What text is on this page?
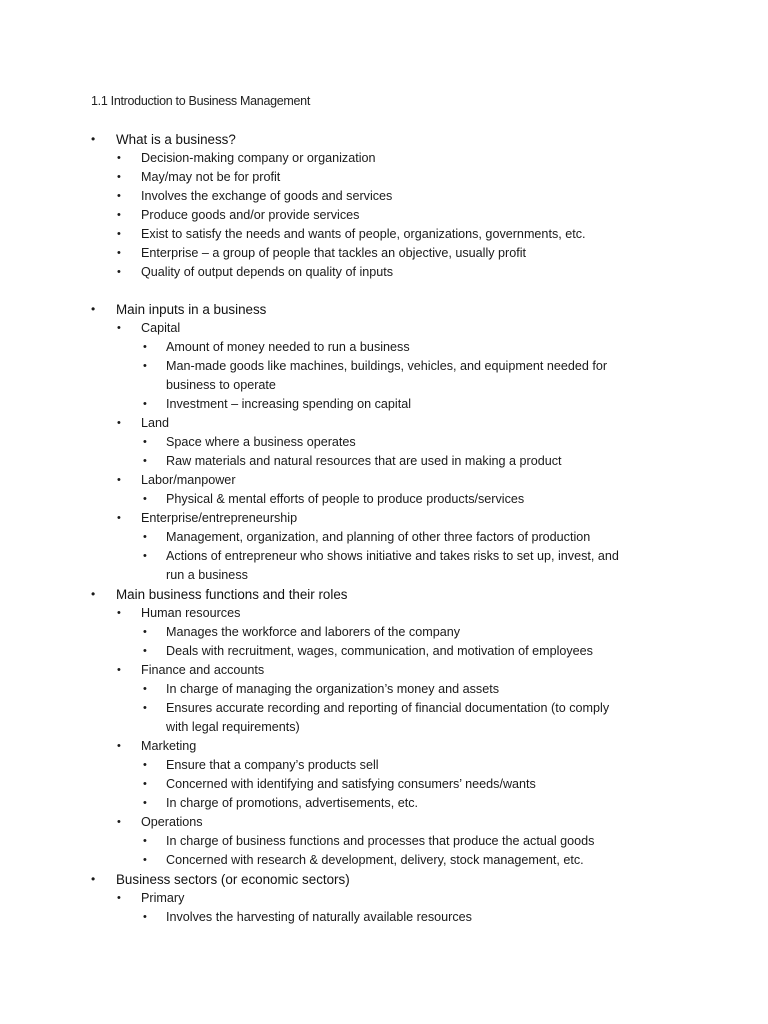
1.1 Introduction to Business Management
• What is a business?
• Decision-making company or organization
• May/may not be for profit
• Involves the exchange of goods and services
• Produce goods and/or provide services
• Exist to satisfy the needs and wants of people, organizations, governments, etc.
• Enterprise – a group of people that tackles an objective, usually profit
• Quality of output depends on quality of inputs
• Main inputs in a business
• Capital
• Amount of money needed to run a business
• Man-made goods like machines, buildings, vehicles, and equipment needed for
business to operate
• Investment – increasing spending on capital
• Land
• Space where a business operates
• Raw materials and natural resources that are used in making a product
• Labor/manpower
• Physical & mental efforts of people to produce products/services
• Enterprise/entrepreneurship
• Management, organization, and planning of other three factors of production
• Actions of entrepreneur who shows initiative and takes risks to set up, invest, and
run a business
• Main business functions and their roles
• Human resources
• Manages the workforce and laborers of the company
• Deals with recruitment, wages, communication, and motivation of employees
• Finance and accounts
• In charge of managing the organization’s money and assets
• Ensures accurate recording and reporting of financial documentation (to comply
with legal requirements)
• Marketing
• Ensure that a company’s products sell
• Concerned with identifying and satisfying consumers’ needs/wants
• In charge of promotions, advertisements, etc.
• Operations
• In charge of business functions and processes that produce the actual goods
• Concerned with research & development, delivery, stock management, etc.
• Business sectors (or economic sectors)
• Primary
• Involves the harvesting of naturally available resources
